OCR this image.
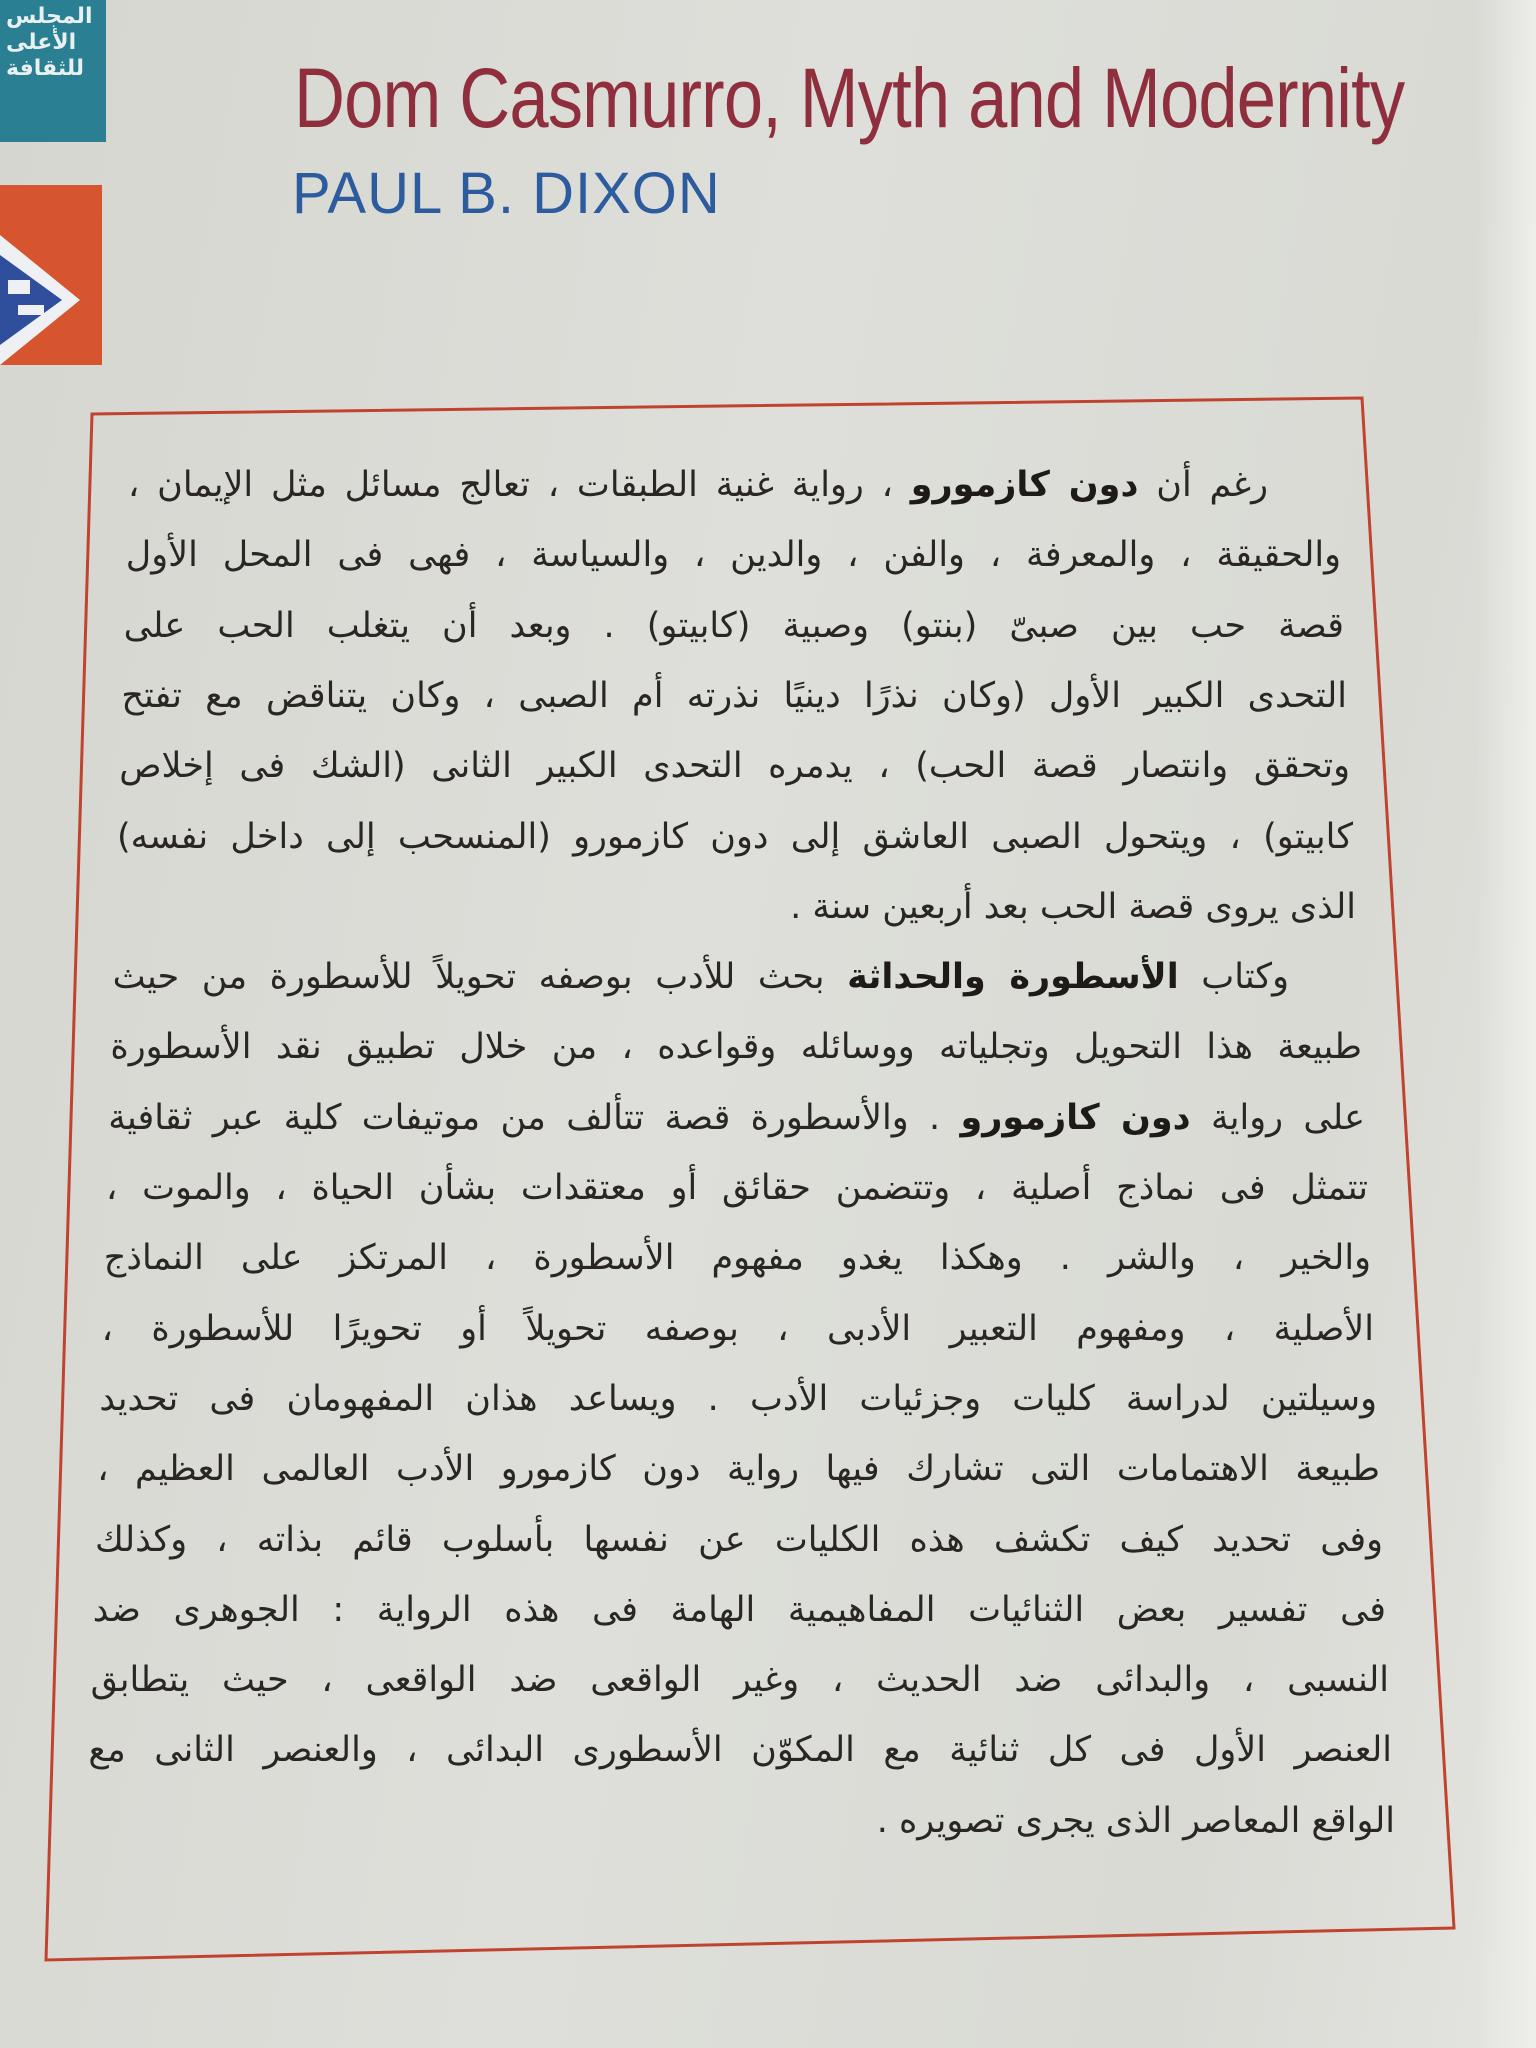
المجلس
الأعلى
للثقافة Dom Casmurro, Myth and Modernity
PAUL B. DIXON
رغم أن دون كازمورو ، رواية غنية الطبقات ، تعالج مسائل مثل الإيمان ،
والحقيقة ، والمعرفة ، والفن ، والدين ، والسياسة ، فهى فى المحل الأول
قصة حب بين صبىّ (بنتو) وصبية (كابيتو) . وبعد أن يتغلب الحب على
التحدى الكبير الأول (وكان نذرًا دينيًا نذرته أم الصبى ، وكان يتناقض مع تفتح
وتحقق وانتصار قصة الحب) ، يدمره التحدى الكبير الثانى (الشك فى إخلاص
كابيتو) ، ويتحول الصبى العاشق إلى دون كازمورو (المنسحب إلى داخل نفسه)
الذى يروى قصة الحب بعد أربعين سنة .
وكتاب الأسطورة والحداثة بحث للأدب بوصفه تحويلاً للأسطورة من حيث
طبيعة هذا التحويل وتجلياته ووسائله وقواعده ، من خلال تطبيق نقد الأسطورة
على رواية دون كازمورو . والأسطورة قصة تتألف من موتيفات كلية عبر ثقافية
تتمثل فى نماذج أصلية ، وتتضمن حقائق أو معتقدات بشأن الحياة ، والموت ،
والخير ، والشر . وهكذا يغدو مفهوم الأسطورة ، المرتكز على النماذج
الأصلية ، ومفهوم التعبير الأدبى ، بوصفه تحويلاً أو تحويرًا للأسطورة ،
وسيلتين لدراسة كليات وجزئيات الأدب . ويساعد هذان المفهومان فى تحديد
طبيعة الاهتمامات التى تشارك فيها رواية دون كازمورو الأدب العالمى العظيم ،
وفى تحديد كيف تكشف هذه الكليات عن نفسها بأسلوب قائم بذاته ، وكذلك
فى تفسير بعض الثنائيات المفاهيمية الهامة فى هذه الرواية : الجوهرى ضد
النسبى ، والبدائى ضد الحديث ، وغير الواقعى ضد الواقعى ، حيث يتطابق
العنصر الأول فى كل ثنائية مع المكوّن الأسطورى البدائى ، والعنصر الثانى مع
الواقع المعاصر الذى يجرى تصويره .
